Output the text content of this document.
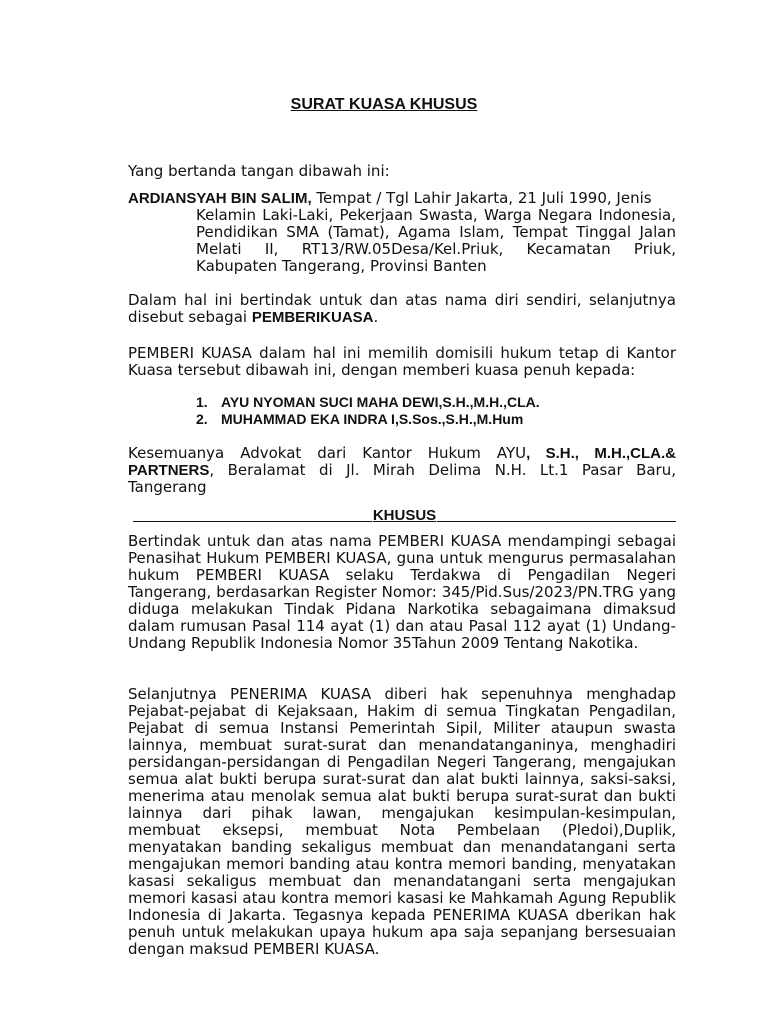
SURAT KUASA KHUSUS
Yang bertanda tangan dibawah ini:
ARDIANSYAH BIN SALIM, Tempat / Tgl Lahir Jakarta, 21 Juli 1990, Jenis
Kelamin Laki-Laki, Pekerjaan Swasta, Warga Negara Indonesia, Pendidikan SMA (Tamat), Agama Islam, Tempat Tinggal Jalan Melati II, RT13/RW.05Desa/Kel.Priuk, Kecamatan Priuk, Kabupaten Tangerang, Provinsi Banten
Dalam hal ini bertindak untuk dan atas nama diri sendiri, selanjutnya disebut sebagai PEMBERIKUASA.
PEMBERI KUASA dalam hal ini memilih domisili hukum tetap di Kantor Kuasa tersebut dibawah ini, dengan memberi kuasa penuh kepada:
1. AYU NYOMAN SUCI MAHA DEWI,S.H.,M.H.,CLA.
2. MUHAMMAD EKA INDRA I,S.Sos.,S.H.,M.Hum
Kesemuanya Advokat dari Kantor Hukum AYU, S.H., M.H.,CLA.& PARTNERS, Beralamat di Jl. Mirah Delima N.H. Lt.1 Pasar Baru, Tangerang
KHUSUS
Bertindak untuk dan atas nama PEMBERI KUASA mendampingi sebagai Penasihat Hukum PEMBERI KUASA, guna untuk mengurus permasalahan hukum PEMBERI KUASA selaku Terdakwa di Pengadilan Negeri Tangerang, berdasarkan Register Nomor: 345/Pid.Sus/2023/PN.TRG yang diduga melakukan Tindak Pidana Narkotika sebagaimana dimaksud dalam rumusan Pasal 114 ayat (1) dan atau Pasal 112 ayat (1) Undang-Undang Republik Indonesia Nomor 35Tahun 2009 Tentang Nakotika.
Selanjutnya PENERIMA KUASA diberi hak sepenuhnya menghadap Pejabat-pejabat di Kejaksaan, Hakim di semua Tingkatan Pengadilan, Pejabat di semua Instansi Pemerintah Sipil, Militer ataupun swasta lainnya, membuat surat-surat dan menandatanganinya, menghadiri persidangan-persidangan di Pengadilan Negeri Tangerang, mengajukan semua alat bukti berupa surat-surat dan alat bukti lainnya, saksi-saksi, menerima atau menolak semua alat bukti berupa surat-surat dan bukti lainnya dari pihak lawan, mengajukan kesimpulan-kesimpulan, membuat eksepsi, membuat Nota Pembelaan (Pledoi),Duplik, menyatakan banding sekaligus membuat dan menandatangani serta mengajukan memori banding atau kontra memori banding, menyatakan kasasi sekaligus membuat dan menandatangani serta mengajukan memori kasasi atau kontra memori kasasi ke Mahkamah Agung Republik Indonesia di Jakarta. Tegasnya kepada PENERIMA KUASA dberikan hak penuh untuk melakukan upaya hukum apa saja sepanjang bersesuaian dengan maksud PEMBERI KUASA.
